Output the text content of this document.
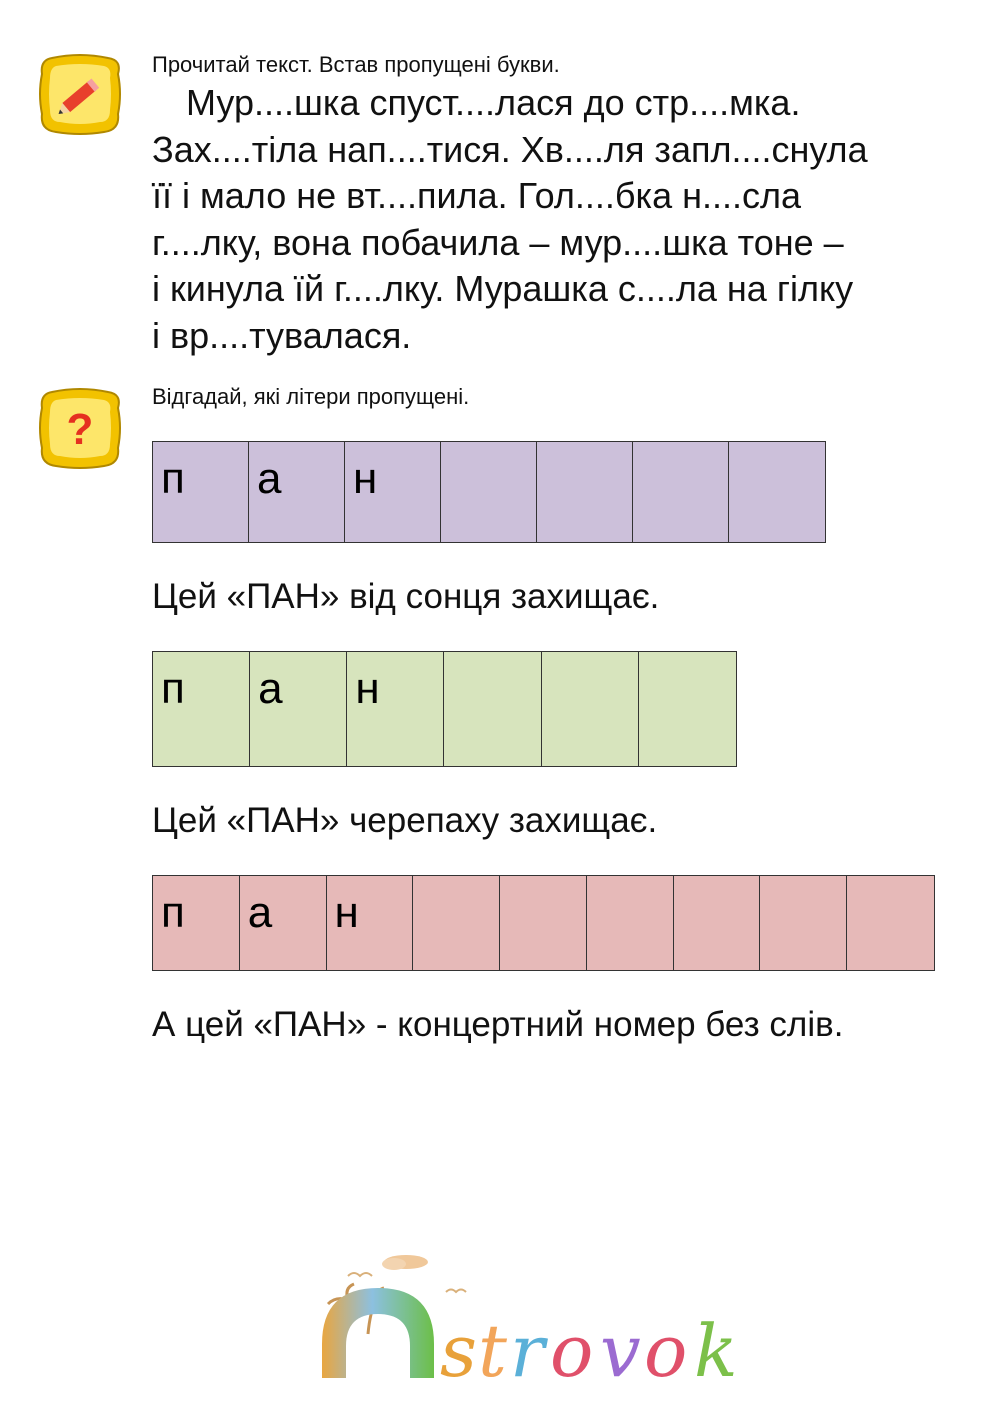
Прочитай текст. Встав пропущені букви.
Мур....шка спуст....лася до стр....мка.
Зах....тіла нап....тися. Хв....ля запл....снула
її і мало не вт....пила. Гол....бка н....сла
г....лку, вона побачила – мур....шка тоне –
і кинула їй г....лку. Мурашка с....ла на гілку
і вр....тувалася.
?
Відгадай, які літери пропущені.
п а н
Цей «ПАН» від сонця захищає.
п а н
Цей «ПАН» черепаху захищає.
п а н
А цей «ПАН» - концертний номер без слів.
s t r o v o k
